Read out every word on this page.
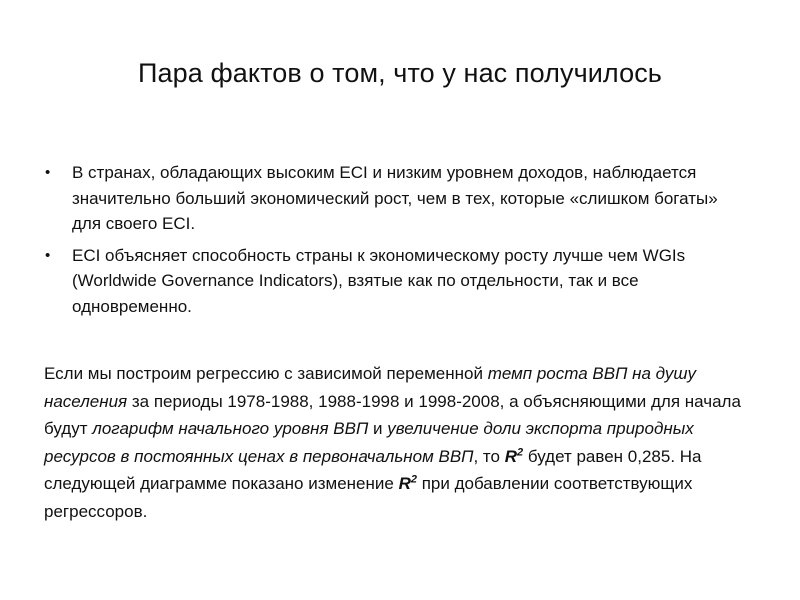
Пара фактов о том, что у нас получилось
• В странах, обладающих высоким ECI и низким уровнем доходов, наблюдается значительно больший экономический рост, чем в тех, которые «слишком богаты» для своего ECI.
• ECI объясняет способность страны к экономическому росту лучше чем WGIs (Worldwide Governance Indicators), взятые как по отдельности, так и все одновременно.

Если мы построим регрессию с зависимой переменной темп роста ВВП на душу населения за периоды 1978-1988, 1988-1998 и 1998-2008, а объясняющими для начала будут логарифм начального уровня ВВП и увеличение доли экспорта природных ресурсов в постоянных ценах в первоначальном ВВП, то $R^2$ будет равен 0,285. На следующей диаграмме показано изменение $R^2$ при добавлении соответствующих регрессоров.
